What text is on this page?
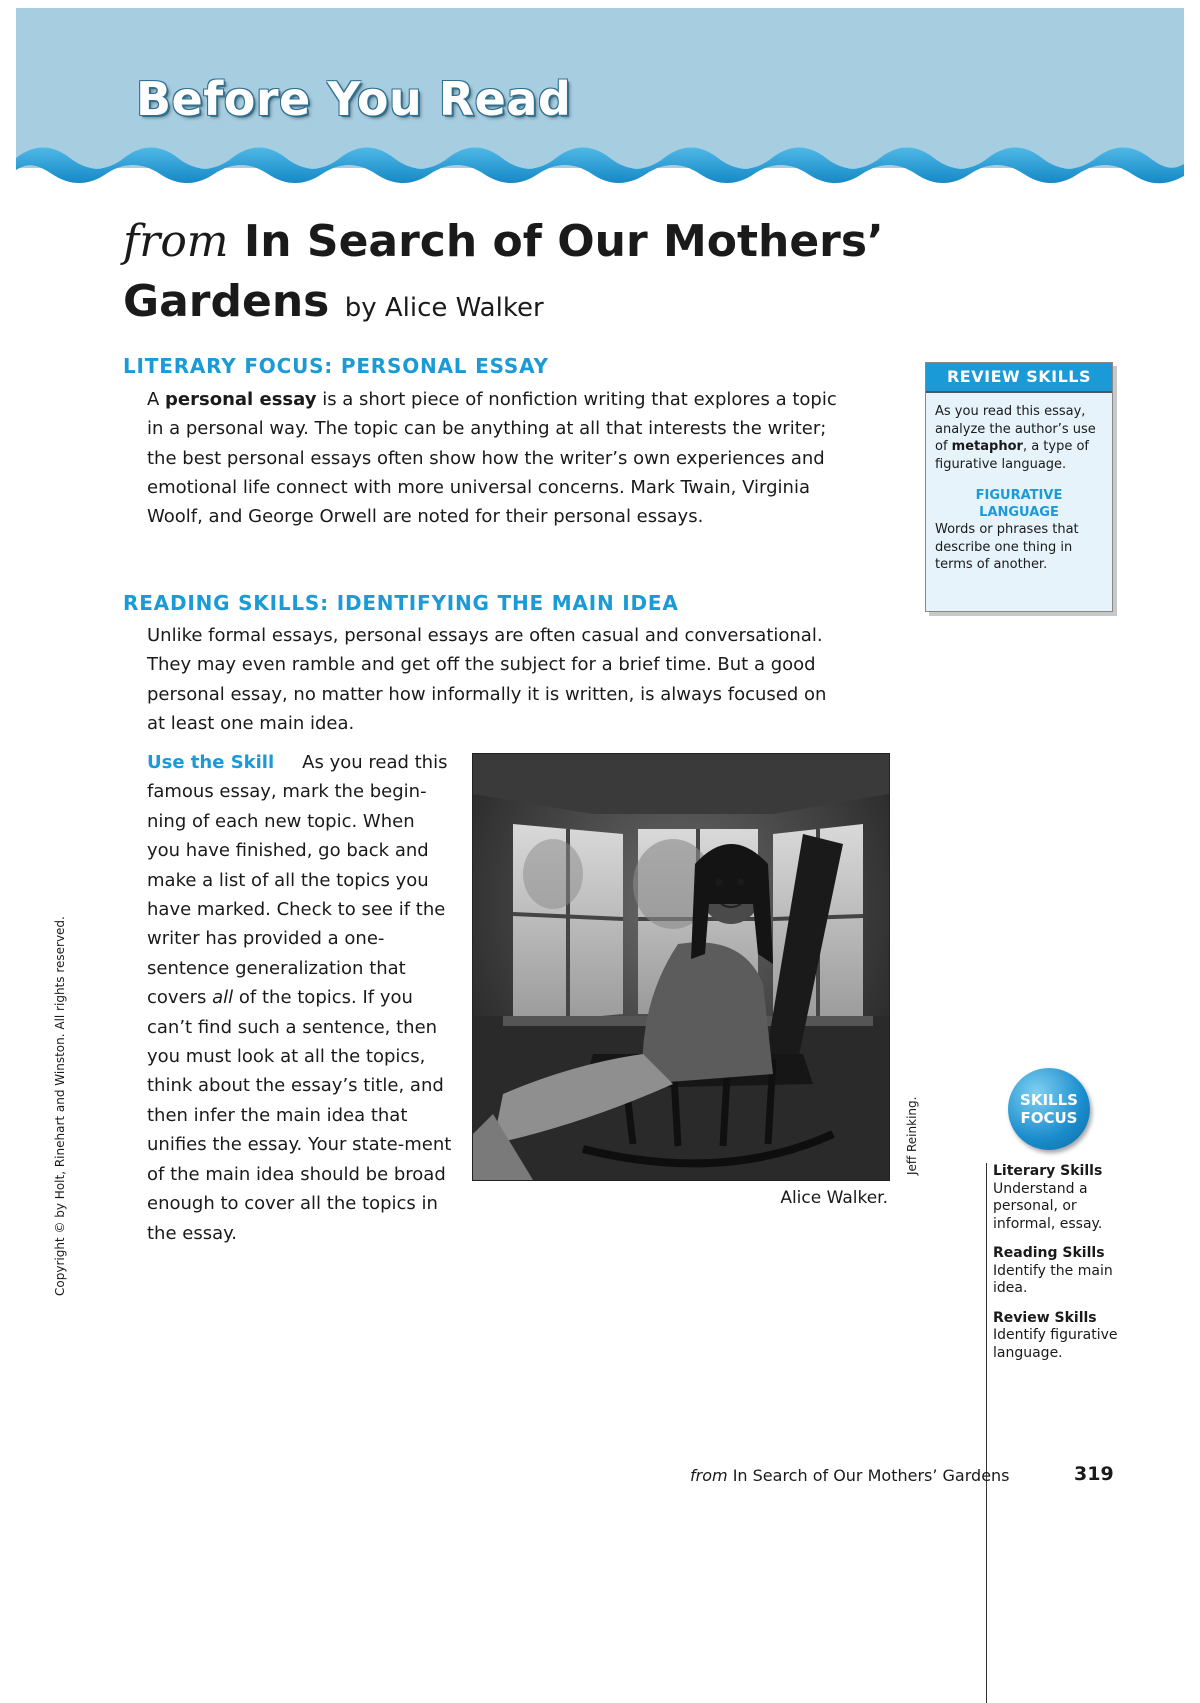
Before You Read
from In Search of Our Mothers’
Gardens by Alice Walker
LITERARY FOCUS: PERSONAL ESSAY

A personal essay is a short piece of nonfiction writing that explores a topic in a personal way. The topic can be anything at all that interests the writer; the best personal essays often show how the writer’s own experiences and emotional life connect with more universal concerns. Mark Twain, Virginia Woolf, and George Orwell are noted for their personal essays.

READING SKILLS: IDENTIFYING THE MAIN IDEA

Unlike formal essays, personal essays are often casual and conversational. They may even ramble and get off the subject for a brief time. But a good personal essay, no matter how informally it is written, is always focused on at least one main idea.

Use the Skill As you read this famous essay, mark the begin-ning of each new topic. When you have finished, go back and make a list of all the topics you have marked. Check to see if the writer has provided a one-sentence generalization that covers all of the topics. If you can’t find such a sentence, then you must look at all the topics, think about the essay’s title, and then infer the main idea that unifies the essay. Your state-ment of the main idea should be broad enough to cover all the topics in the essay.

Alice Walker.

Jeff Reinking.

Copyright © by Holt, Rinehart and Winston. All rights reserved.

REVIEW SKILLS

As you read this essay, analyze the author’s use of metaphor, a type of figurative language.

FIGURATIVE LANGUAGE

Words or phrases that describe one thing in terms of another.

SKILLS FOCUS

Literary Skills

Understand a personal, or informal, essay.

Reading Skills

Identify the main idea.

Review Skills

Identify figurative language.

from In Search of Our Mothers’ Gardens	319
